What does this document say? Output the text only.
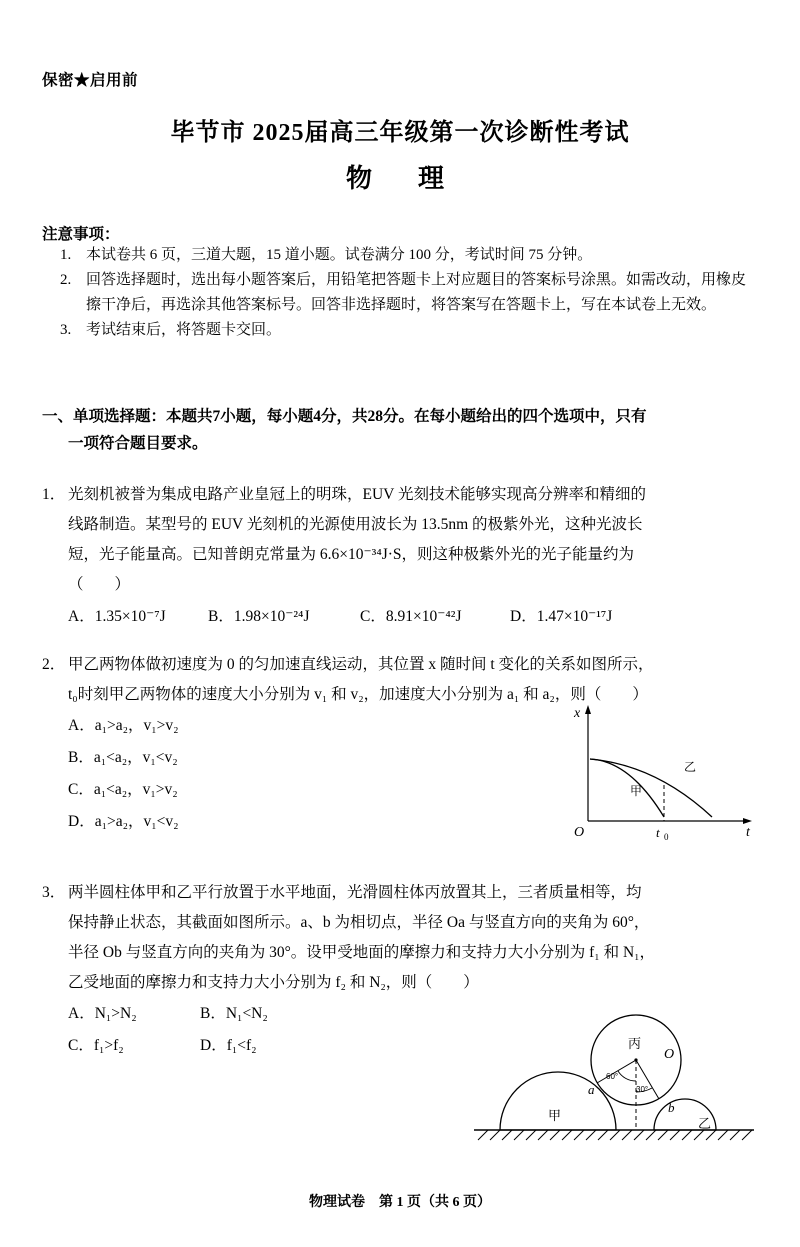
保密★启用前
毕节市 2025届高三年级第一次诊断性考试
物　理
注意事项：
1. 本试卷共 6 页，三道大题，15 道小题。试卷满分 100 分，考试时间 75 分钟。
2. 回答选择题时，选出每小题答案后，用铅笔把答题卡上对应题目的答案标号涂黑。如需改动，用橡皮擦干净后，再选涂其他答案标号。回答非选择题时，将答案写在答题卡上，写在本试卷上无效。
3. 考试结束后，将答题卡交回。
一、单项选择题：本题共7小题，每小题4分，共28分。在每小题给出的四个选项中，只有
一项符合题目要求。
1． 光刻机被誉为集成电路产业皇冠上的明珠，EUV 光刻技术能够实现高分辨率和精细的
线路制造。某型号的 EUV 光刻机的光源使用波长为 13.5nm 的极紫外光，这种光波长
短，光子能量高。已知普朗克常量为 6.6×10⁻³⁴J·S，则这种极紫外光的光子能量约为
（　　）
A．1.35×10⁻⁷J	B．1.98×10⁻²⁴J	C．8.91×10⁻⁴²J	D．1.47×10⁻¹⁷J
2． 甲乙两物体做初速度为 0 的匀加速直线运动，其位置 x 随时间 t 变化的关系如图所示，
t₀时刻甲乙两物体的速度大小分别为 v₁ 和 v₂，加速度大小分别为 a₁ 和 a₂，则（　　）
A．a₁>a₂，v₁>v₂
B．a₁<a₂，v₁<v₂
C．a₁<a₂，v₁>v₂
D．a₁>a₂，v₁<v₂
x
t
O	t 0
乙
甲
3． 两半圆柱体甲和乙平行放置于水平地面，光滑圆柱体丙放置其上，三者质量相等，均
保持静止状态，其截面如图所示。a、b 为相切点，半径 Oa 与竖直方向的夹角为 60°，
半径 Ob 与竖直方向的夹角为 30°。设甲受地面的摩擦力和支持力大小分别为 f₁ 和 N₁，
乙受地面的摩擦力和支持力大小分别为 f₂ 和 N₂，则（　　）
A．N₁>N₂	B．N₁<N₂
C．f₁>f₂	D．f₁<f₂	丙
O
甲
乙
a
b
60°
30°
物理试卷　第 1 页（共 6 页）
